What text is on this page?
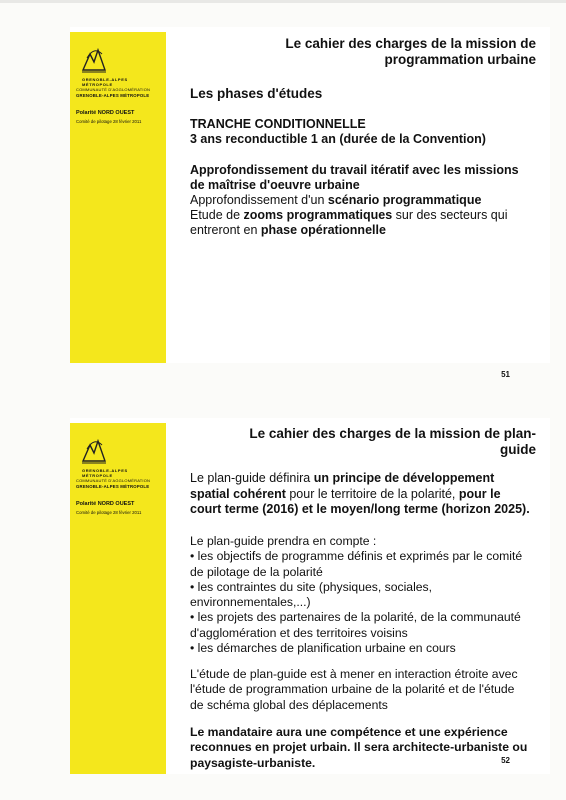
GRENOBLE-ALPES
MÉTROPOLE
COMMUNAUTÉ D'AGGLOMÉRATION
GRENOBLE-ALPES MÉTROPOLE
Polarité NORD OUEST
Comité de pilotage 28 février 2011
Le cahier des charges de la mission de programmation urbaine
Les phases d'études
TRANCHE CONDITIONNELLE
3 ans reconductible 1 an (durée de la Convention)
Approfondissement du travail itératif avec les missions de maîtrise d'oeuvre urbaine
Approfondissement d'un scénario programmatique
Etude de zooms programmatiques sur des secteurs qui entreront en phase opérationnelle
51
GRENOBLE-ALPES
MÉTROPOLE
COMMUNAUTÉ D'AGGLOMÉRATION
GRENOBLE-ALPES MÉTROPOLE
Polarité NORD OUEST
Comité de pilotage 28 février 2011
Le cahier des charges de la mission de plan-guide
Le plan-guide définira un principe de développement spatial cohérent pour le territoire de la polarité, pour le court terme (2016) et le moyen/long terme (horizon 2025).
Le plan-guide prendra en compte :
• les objectifs de programme définis et exprimés par le comité de pilotage de la polarité
• les contraintes du site (physiques, sociales, environnementales,...)
• les projets des partenaires de la polarité, de la communauté d'agglomération et des territoires voisins
• les démarches de planification urbaine en cours
L'étude de plan-guide est à mener en interaction étroite avec l'étude de programmation urbaine de la polarité et de l'étude de schéma global des déplacements
Le mandataire aura une compétence et une expérience reconnues en projet urbain. Il sera architecte-urbaniste ou paysagiste-urbaniste.	52
